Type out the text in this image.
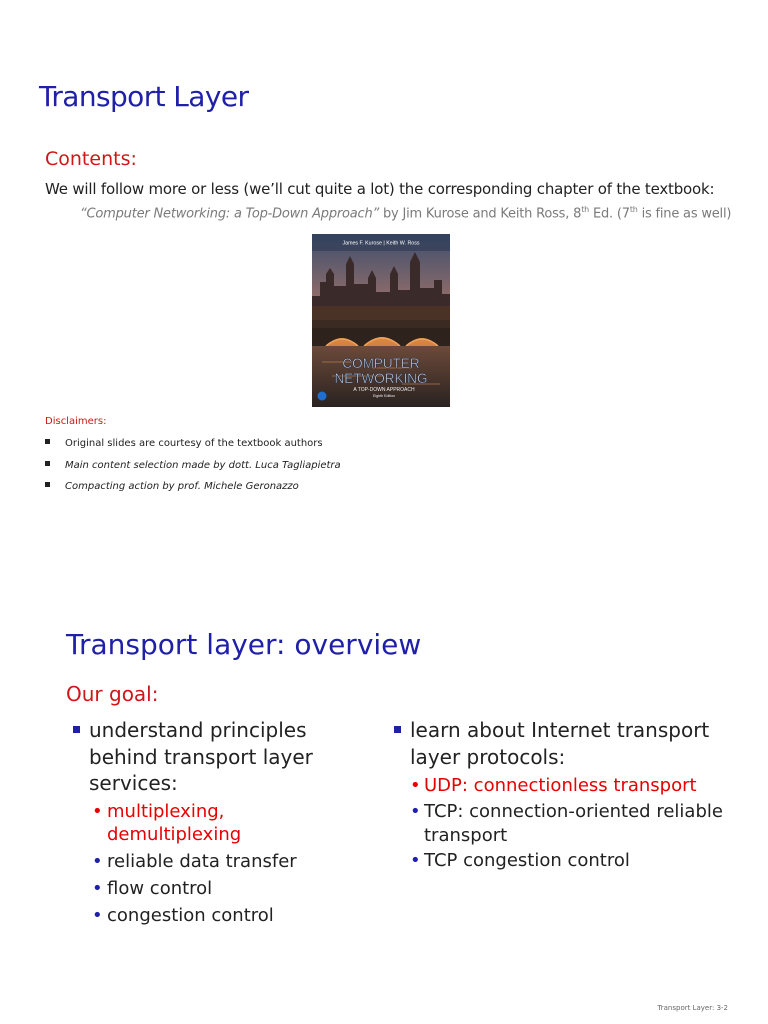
Transport Layer
Contents:
We will follow more or less (we’ll cut quite a lot) the corresponding chapter of the textbook:
“Computer Networking: a Top-Down Approach” by Jim Kurose and Keith Ross, 8th Ed. (7th is fine as well)
James F. Kurose | Keith W. Ross
COMPUTER
NETWORKING
A TOP-DOWN APPROACH
Eighth Edition
Disclaimers:
Original slides are courtesy of the textbook authors
Main content selection made by dott. Luca Tagliapietra
Compacting action by prof. Michele Geronazzo
Transport layer: overview
Our goal:
understand principles
behind transport layer
services:
• multiplexing,
demultiplexing
• reliable data transfer
• flow control
• congestion control
learn about Internet transport
layer protocols:
• UDP: connectionless transport
• TCP: connection-oriented reliable
transport
• TCP congestion control
Transport Layer: 3-2
